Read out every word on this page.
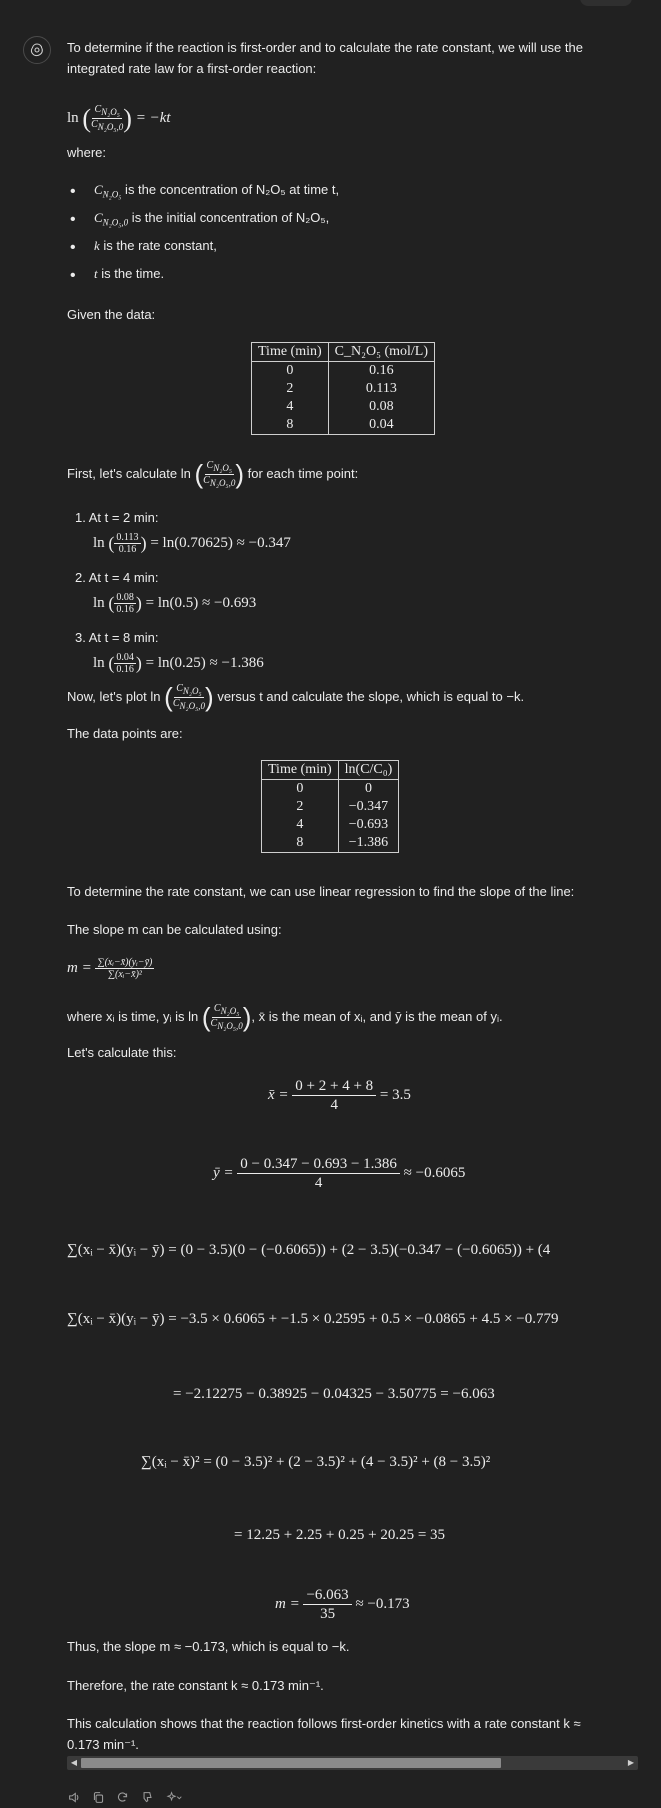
To determine if the reaction is first-order and to calculate the rate constant, we will use the integrated rate law for a first-order reaction:

ln ( $\frac{C_{N_2O_5}}{C_{N_2O_5,0}}$ ) = −kt

where:

• $C_{N_2O_5}$ is the concentration of N₂O₅ at time t,
• $C_{N_2O_5,0}$ is the initial concentration of N₂O₅,
• k is the rate constant,
• t is the time.

Given the data:

Time (min)	C_N₂O₅ (mol/L)
0	0.16
2	0.113
4	0.08
8	0.04
First, let's calculate ln ( $\frac{C_{N_2O_5}}{C_{N_2O_5,0}}$ ) for each time point:
1. At t = 2 min:
ln ( $\frac{0.113}{0.16}$ ) = ln(0.70625) ≈ −0.347
2. At t = 4 min:
ln ( $\frac{0.08}{0.16}$ ) = ln(0.5) ≈ −0.693
3. At t = 8 min:
ln ( $\frac{0.04}{0.16}$ ) = ln(0.25) ≈ −1.386
Now, let's plot ln ( $\frac{C_{N_2O_5}}{C_{N_2O_5,0}}$ ) versus t and calculate the slope, which is equal to −k.

The data points are:

Time (min)	ln(C/C₀)
0	0
2	−0.347
4	−0.693
8	−1.386

To determine the rate constant, we can use linear regression to find the slope of the line:

The slope m can be calculated using:

$m = \frac{\text{∑(xᵢ−x̄)(yᵢ−ȳ)}}{\text{∑(xᵢ−x̄)²}}$
where xᵢ is time, yᵢ is ln ( $\frac{C_{N_2O_5}}{C_{N_2O_5,0}}$ ), x̄ is the mean of xᵢ, and ȳ is the mean of yᵢ.

Let's calculate this:

x̄ = $\frac{0 + 2 + 4 + 8}{4} = 3.5$
ȳ = $\frac{0 - 0.347 - 0.693 - 1.386}{4} \approx -0.6065$
∑(xᵢ − x̄)(yᵢ − ȳ) = (0 − 3.5)(0 − (−0.6065)) + (2 − 3.5)(−0.347 − (−0.6065)) + (4
∑(xᵢ − x̄)(yᵢ − ȳ) = −3.5 × 0.6065 + −1.5 × 0.2595 + 0.5 × −0.0865 + 4.5 × −0.779
= −2.12275 − 0.38925 − 0.04325 − 3.50775 = −6.063
∑(xᵢ − x̄)² = (0 − 3.5)² + (2 − 3.5)² + (4 − 3.5)² + (8 − 3.5)²
= 12.25 + 2.25 + 0.25 + 20.25 = 35
$m = \frac{-6.063}{35} \approx -0.173$

Thus, the slope m ≈ −0.173, which is equal to −k.

Therefore, the rate constant k ≈ 0.173 min⁻¹.

This calculation shows that the reaction follows first-order kinetics with a rate constant k ≈ 0.173 min⁻¹.

◀	▶
